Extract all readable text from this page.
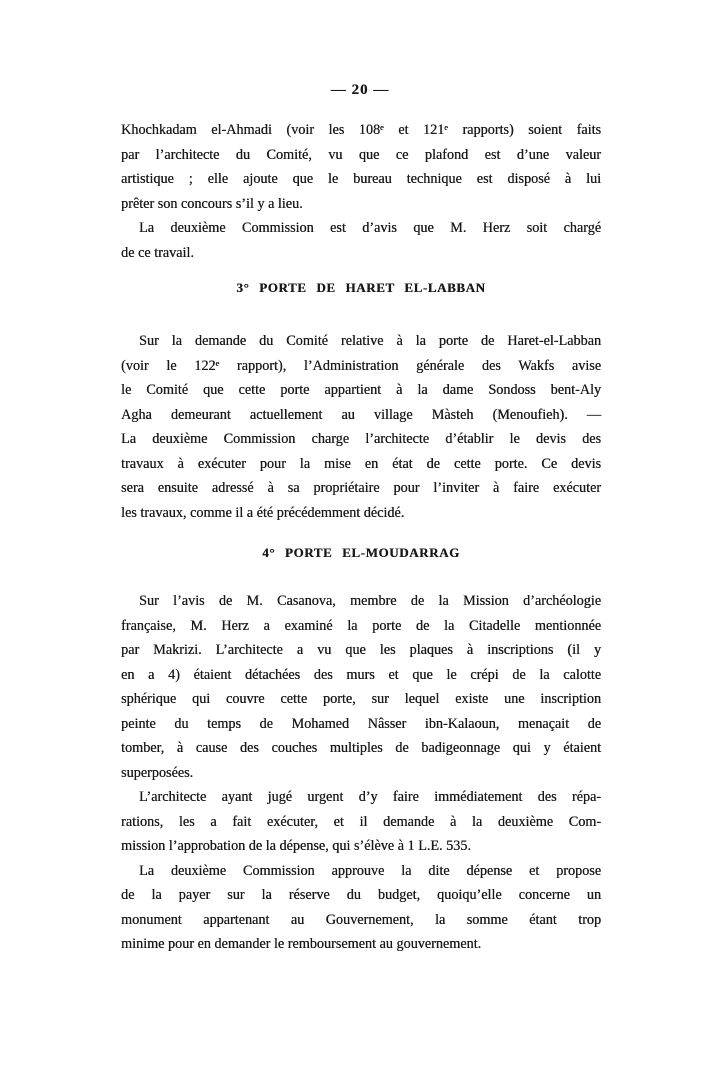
— 20 —
Khochkadam el-Ahmadi (voir les 108ᵉ et 121ᵉ rapports) soient faits
par l’architecte du Comité, vu que ce plafond est d’une valeur
artistique ; elle ajoute que le bureau technique est disposé à lui
prêter son concours s’il y a lieu.
La deuxième Commission est d’avis que M. Herz soit chargé
de ce travail.
3° PORTE DE HARET EL-LABBAN
Sur la demande du Comité relative à la porte de Haret-el-Labban
(voir le 122ᵉ rapport), l’Administration générale des Wakfs avise
le Comité que cette porte appartient à la dame Sondoss bent-Aly
Agha demeurant actuellement au village Màsteh (Menoufieh). —
La deuxième Commission charge l’architecte d’établir le devis des
travaux à exécuter pour la mise en état de cette porte. Ce devis
sera ensuite adressé à sa propriétaire pour l’inviter à faire exécuter
les travaux, comme il a été précédemment décidé.
4° PORTE EL-MOUDARRAG
Sur l’avis de M. Casanova, membre de la Mission d’archéologie
française, M. Herz a examiné la porte de la Citadelle mentionnée
par Makrizi. L’architecte a vu que les plaques à inscriptions (il y
en a 4) étaient détachées des murs et que le crépi de la calotte
sphérique qui couvre cette porte, sur lequel existe une inscription
peinte du temps de Mohamed Nâsser ibn-Kalaoun, menaçait de
tomber, à cause des couches multiples de badigeonnage qui y étaient
superposées.
L’architecte ayant jugé urgent d’y faire immédiatement des répa-
rations, les a fait exécuter, et il demande à la deuxième Com-
mission l’approbation de la dépense, qui s’élève à 1 L.E. 535.
La deuxième Commission approuve la dite dépense et propose
de la payer sur la réserve du budget, quoiqu’elle concerne un
monument appartenant au Gouvernement, la somme étant trop
minime pour en demander le remboursement au gouvernement.
